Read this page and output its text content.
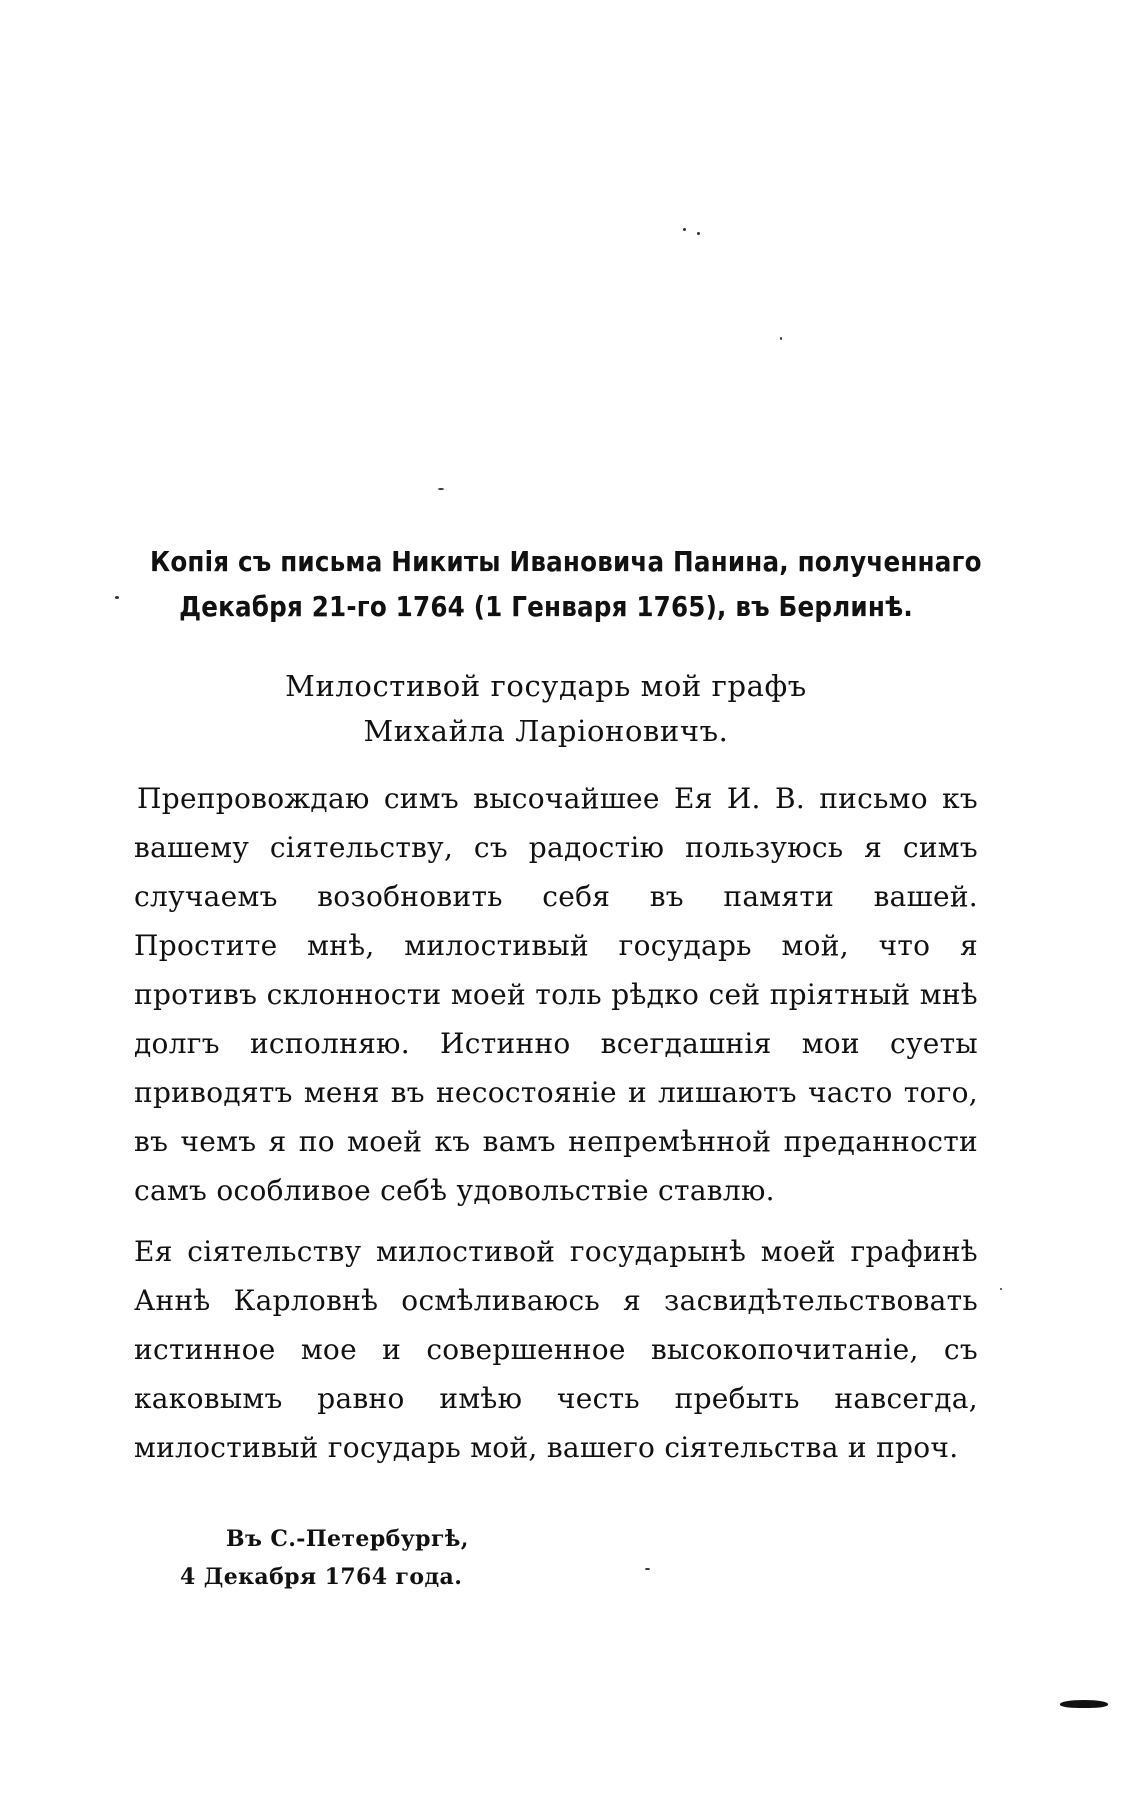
Копія съ письма Никиты Ивановича Панина, полученнаго
Декабря 21-го 1764 (1 Генваря 1765), въ Берлинѣ.
Милостивой государь мой графъ
Михайла Ларіоновичъ.
Препровождаю симъ высочайшее Ея И. В. письмо къ вашему сіятельству, съ радостію пользуюсь я симъ случаемъ возобновить себя въ памяти вашей. Простите мнѣ, милостивый государь мой, что я противъ склонности моей толь рѣдко сей пріятный мнѣ долгъ исполняю. Истинно всегдашнія мои суеты приводятъ меня въ несостояніе и лишаютъ часто того, въ чемъ я по моей къ вамъ непремѣнной преданности самъ особливое себѣ удовольствіе ставлю.
Ея сіятельству милостивой государынѣ моей графинѣ Аннѣ Карловнѣ осмѣливаюсь я засвидѣтельствовать истинное мое и совершенное высокопочитаніе, съ каковымъ равно имѣю честь пребыть навсегда, милостивый государь мой, вашего сіятельства и проч.
Въ С.-Петербургѣ,
4 Декабря 1764 года.
